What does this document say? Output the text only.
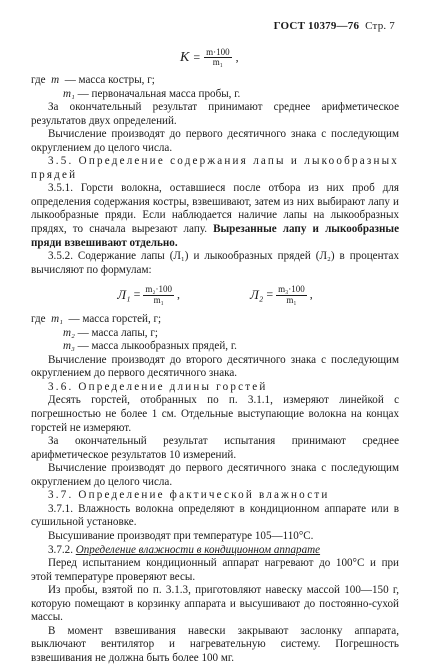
ГОСТ 10379—76 Стр. 7
$K = \frac{m\cdot 100}{\text{m₁}}$ ,

где m — масса костры, г;

m₁ — первоначальная масса пробы, г.

За окончательный результат принимают среднее арифметическое результатов двух определений.

Вычисление производят до первого десятичного знака с последующим округлением до целого числа.

3.5. Определение содержания лапы и лыкообразных прядей

3.5.1. Горсти волокна, оставшиеся после отбора из них проб для определения содержания костры, взвешивают, затем из них выбирают лапу и лыкообразные пряди. Если наблюдается наличие лапы на лыкообразных прядях, то сначала вырезают лапу. Вырезанные лапу и лыкообразные пряди взвешивают отдельно.

3.5.2. Содержание лапы (Л₁) и лыкообразных прядей (Л₂) в процентах вычисляют по формулам:

$Л_1 = \frac{\text{m₂·100}}{\text{m₁}}$ ,	$Л_2 = \frac{\text{m₃·100}}{\text{m₁}}$ ,

где m₁ — масса горстей, г;

m₂ — масса лапы, г;

m₃ — масса лыкообразных прядей, г.

Вычисление производят до второго десятичного знака с последующим округлением до первого десятичного знака.

3.6. Определение длины горстей

Десять горстей, отобранных по п. 3.1.1, измеряют линейкой с погрешностью не более 1 см. Отдельные выступающие волокна на концах горстей не измеряют.

За окончательный результат испытания принимают среднее арифметическое результатов 10 измерений.

Вычисление производят до первого десятичного знака с последующим округлением до целого числа.

3.7. Определение фактической влажности

3.7.1. Влажность волокна определяют в кондиционном аппарате или в сушильной установке.

Высушивание производят при температуре 105—110°С.

3.7.2. Определение влажности в кондиционном аппарате

Перед испытанием кондиционный аппарат нагревают до 100°С и при этой температуре проверяют весы.

Из пробы, взятой по п. 3.1.3, приготовляют навеску массой 100—150 г, которую помещают в корзинку аппарата и высушивают до постоянно-сухой массы.

В момент взвешивания навески закрывают заслонку аппарата, выключают вентилятор и нагревательную систему. Погрешность взвешивания не должна быть более 100 мг.
